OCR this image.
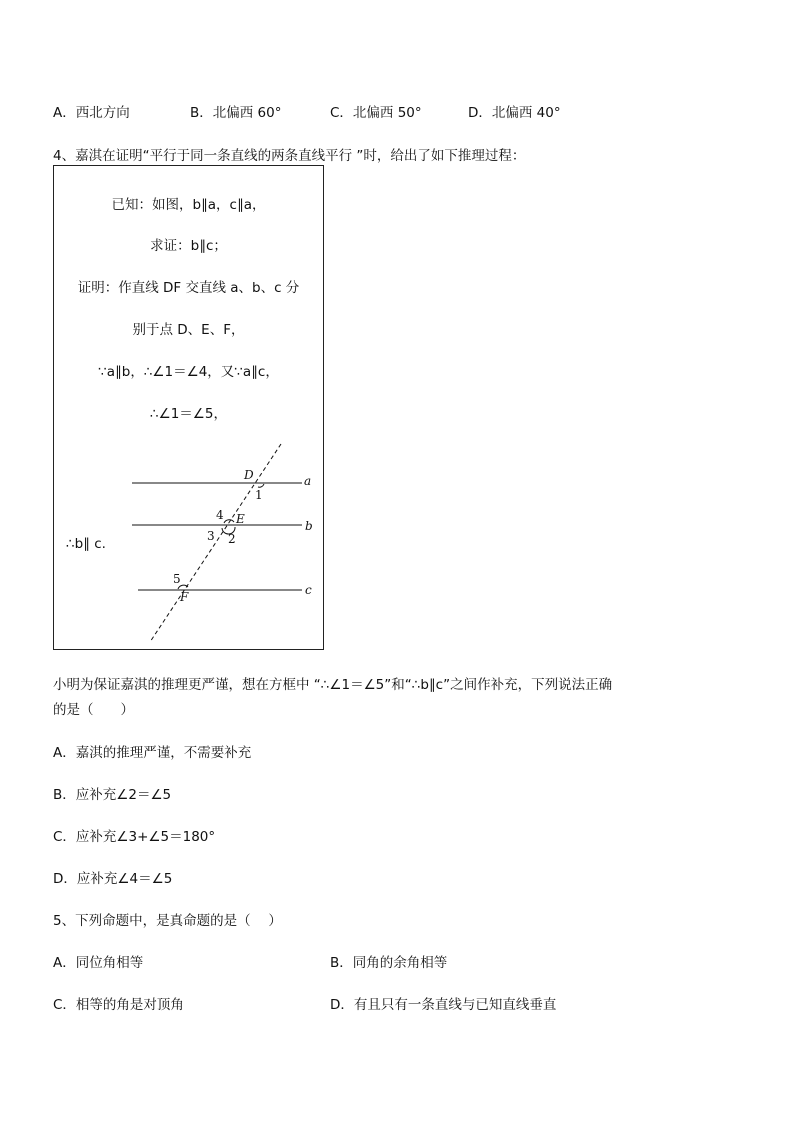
A．西北方向	B．北偏西 60°	C．北偏西 50°	D．北偏西 40°
4、嘉淇在证明“平行于同一条直线的两条直线平行 ”时，给出了如下推理过程：
已知：如图，b∥a，c∥a，
求证：b∥c；
证明：作直线 DF 交直线 a、b、c 分
别于点 D、E、F，
∵a∥b，∴∠1＝∠4，又∵a∥c，
∴∠1＝∠5，
∴b∥ c.
D
1
a
4 E	b
3 2
5
F	c
小明为保证嘉淇的推理更严谨，想在方框中 “∴∠1＝∠5”和“∴b∥c”之间作补充，下列说法正确
的是（　　）
A．嘉淇的推理严谨，不需要补充
B．应补充∠2＝∠5
C．应补充∠3+∠5＝180°
D．应补充∠4＝∠5
5、下列命题中，是真命题的是（　 ）
A．同位角相等	B．同角的余角相等
C．相等的角是对顶角	D．有且只有一条直线与已知直线垂直
